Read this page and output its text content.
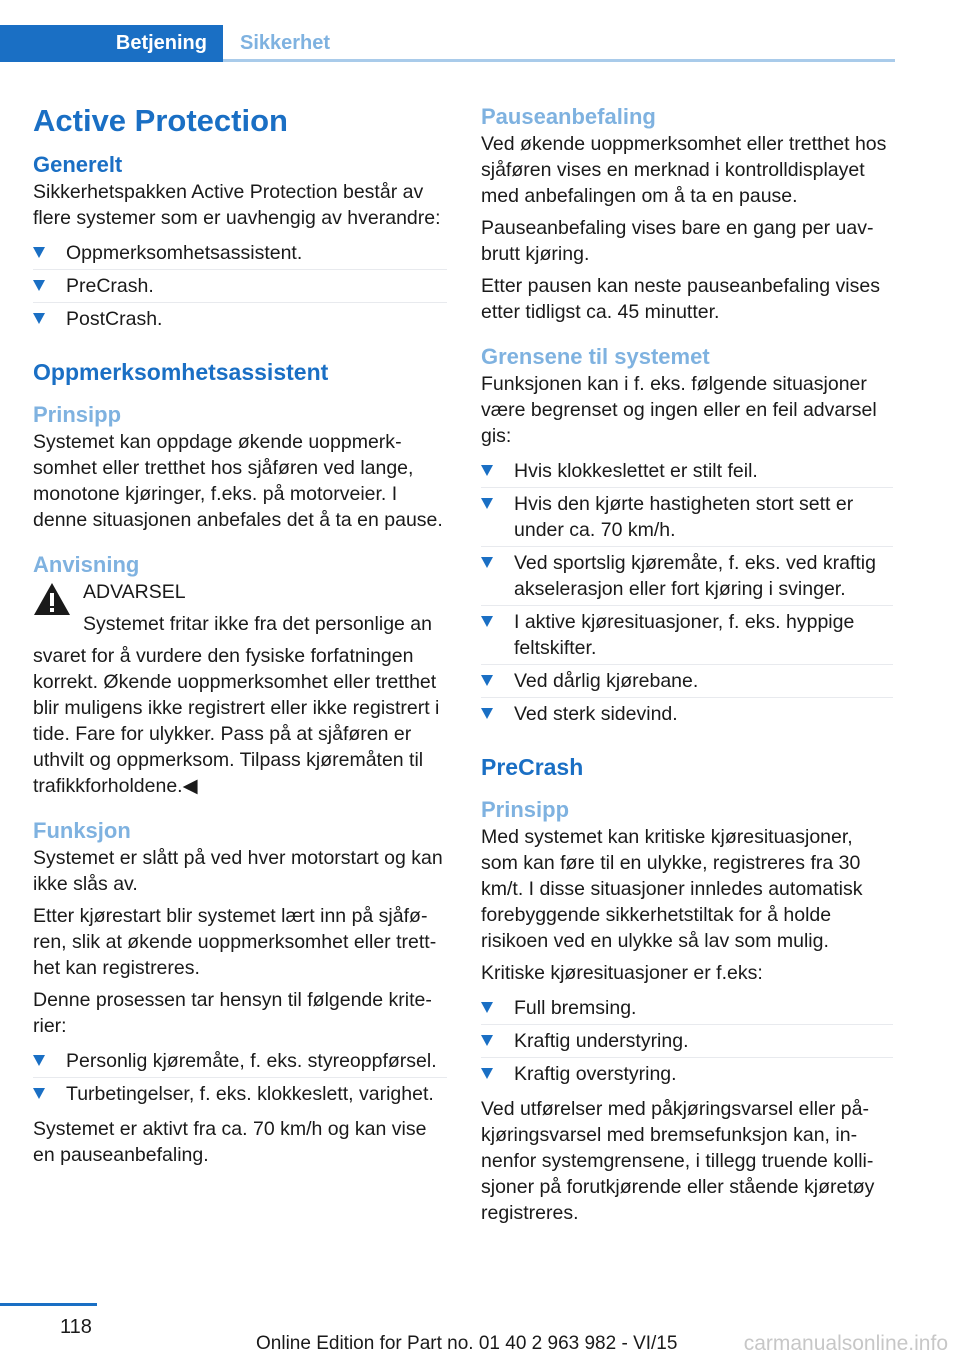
Betjening	Sikkerhet
Active Protection
Generelt

Sikkerhetspakken Active Protection består av flere systemer som er uavhengig av hverandre:

Oppmerksomhetsassistent.
PreCrash.
PostCrash.
Oppmerksomhetsassistent
Prinsipp

Systemet kan oppdage økende uoppmerksomhet eller tretthet hos sjåføren ved lange, monotone kjøringer, f.eks. på motorveier. I denne situasjonen anbefales det å ta en pause.

Anvisning

ADVARSEL

Systemet fritar ikke fra det personlige an

svaret for å vurdere den fysiske forfatningen korrekt. Økende uoppmerksomhet eller tretthet blir muligens ikke registrert eller ikke registrert i tide. Fare for ulykker. Pass på at sjåføren er uthvilt og oppmerksom. Tilpass kjøremåten til trafikkforholdene.◀

Funksjon

Systemet er slått på ved hver motorstart og kan ikke slås av.

Etter kjørestart blir systemet lært inn på sjåføren, slik at økende uoppmerksomhet eller tretthet kan registreres.

Denne prosessen tar hensyn til følgende kriterier:

Personlig kjøremåte, f. eks. styreoppførsel.
Turbetingelser, f. eks. klokkeslett, varighet.

Systemet er aktivt fra ca. 70 km/h og kan vise en pauseanbefaling.

Pauseanbefaling

Ved økende uoppmerksomhet eller tretthet hos sjåføren vises en merknad i kontrolldisplayet med anbefalingen om å ta en pause.

Pauseanbefaling vises bare en gang per uavbrutt kjøring.

Etter pausen kan neste pauseanbefaling vises etter tidligst ca. 45 minutter.

Grensene til systemet

Funksjonen kan i f. eks. følgende situasjoner være begrenset og ingen eller en feil advarsel gis:

Hvis klokkeslettet er stilt feil.
Hvis den kjørte hastigheten stort sett er under ca. 70 km/h.
Ved sportslig kjøremåte, f. eks. ved kraftig akselerasjon eller fort kjøring i svinger.
I aktive kjøresituasjoner, f. eks. hyppige feltskifter.
Ved dårlig kjørebane.
Ved sterk sidevind.
PreCrash
Prinsipp

Med systemet kan kritiske kjøresituasjoner, som kan føre til en ulykke, registreres fra 30 km/t. I disse situasjoner innledes automatisk forebyggende sikkerhetstiltak for å holde risikoen ved en ulykke så lav som mulig.

Kritiske kjøresituasjoner er f.eks:

Full bremsing.
Kraftig understyring.
Kraftig overstyring.

Ved utførelser med påkjøringsvarsel eller påkjøringsvarsel med bremsefunksjon kan, innenfor systemgrensene, i tillegg truende kollisjoner på forutkjørende eller stående kjøretøy registreres.

118
Online Edition for Part no. 01 40 2 963 982 - VI/15	carmanualsonline.info
